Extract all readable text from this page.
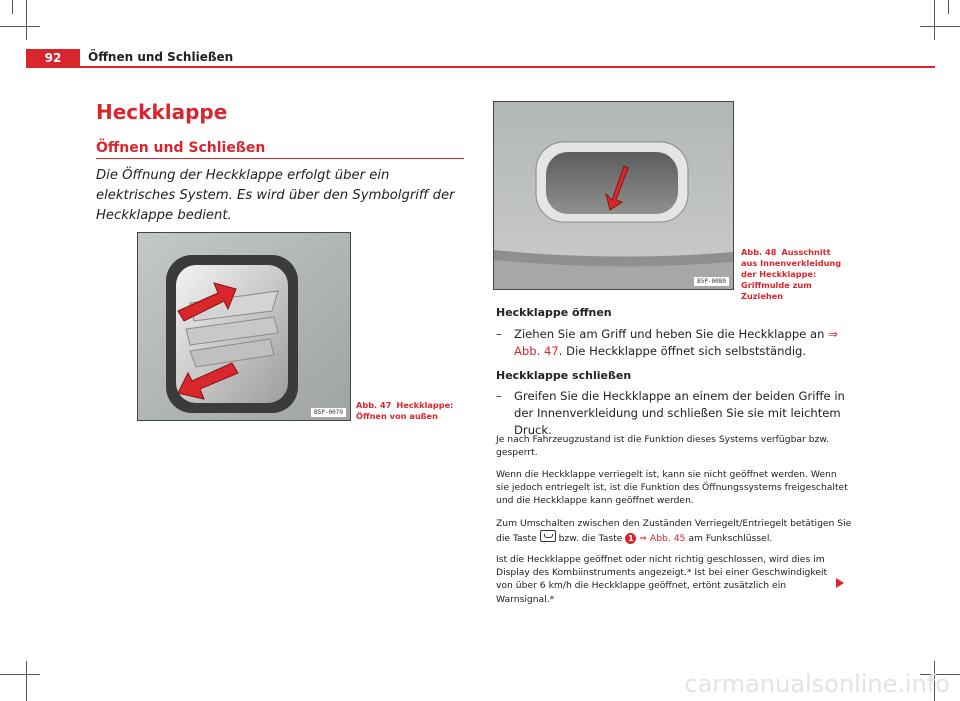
92	Öffnen und Schließen
Heckklappe
Öffnen und Schließen
Die Öffnung der Heckklappe erfolgt über ein elektrisches System. Es wird über den Symbolgriff der Heckklappe bedient.
B5P-0079
Abb. 47 Heckklappe: Öffnen von außen
B5P-0080
Abb. 48 Ausschnitt aus Innenverkleidung der Heckklappe: Griffmulde zum Zuziehen
Heckklappe öffnen
–	Ziehen Sie am Griff und heben Sie die Heckklappe an ⇒ Abb. 47. Die Heckklappe öffnet sich selbstständig.
Heckklappe schließen
–	Greifen Sie die Heckklappe an einem der beiden Griffe in der Innenverkleidung und schließen Sie sie mit leichtem Druck.
Je nach Fahrzeugzustand ist die Funktion dieses Systems verfügbar bzw. gesperrt.
Wenn die Heckklappe verriegelt ist, kann sie nicht geöffnet werden. Wenn sie jedoch entriegelt ist, ist die Funktion des Öffnungssystems freigeschaltet und die Heckklappe kann geöffnet werden.
Zum Umschalten zwischen den Zuständen Verriegelt/Entriegelt betätigen Sie die Taste bzw. die Taste 1 ⇒ Abb. 45 am Funkschlüssel.
Ist die Heckklappe geöffnet oder nicht richtig geschlossen, wird dies im Display des Kombiinstruments angezeigt.* Ist bei einer Geschwindigkeit von über 6 km/h die Heckklappe geöffnet, ertönt zusätzlich ein Warnsignal.*
carmanualsonline.info
